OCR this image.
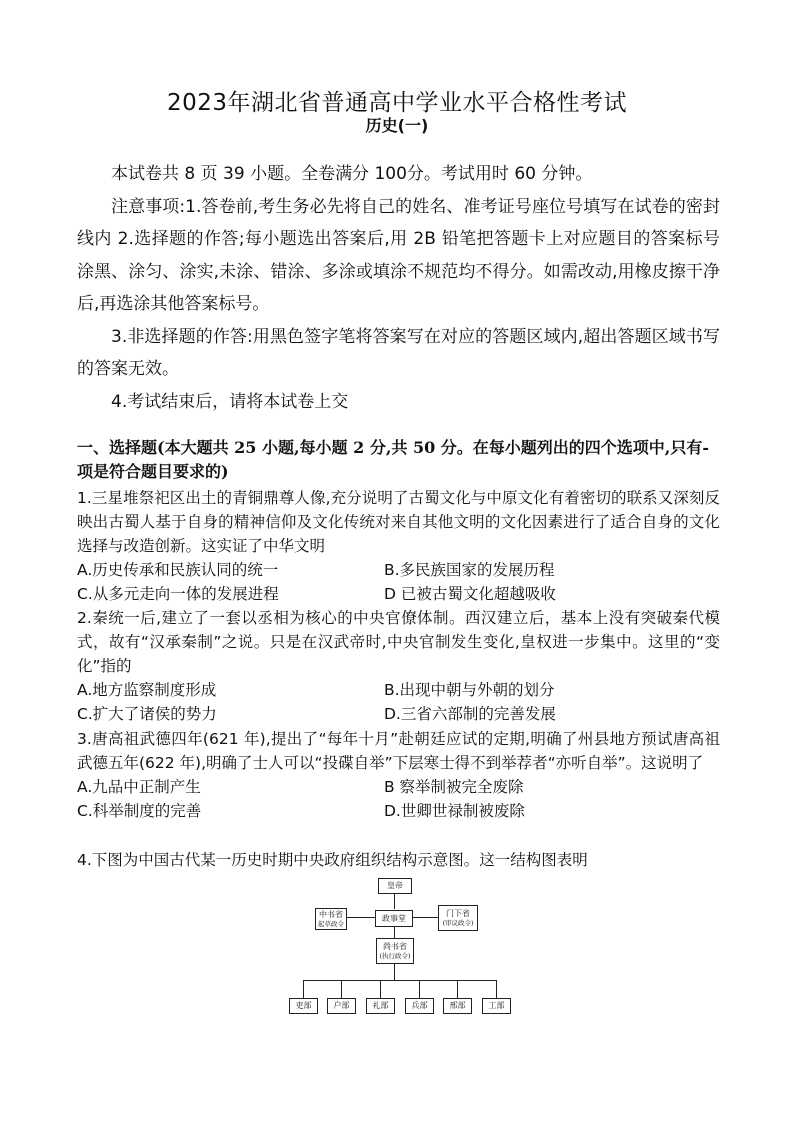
2023年湖北省普通高中学业水平合格性考试
历史(一)

本试卷共 8 页 39 小题。全卷满分 100分。考试用时 60 分钟。

注意事项:1.答卷前,考生务必先将自己的姓名、准考证号座位号填写在试卷的密封线内 2.选择题的作答;每小题选出答案后,用 2B 铅笔把答题卡上对应题目的答案标号涂黑、涂匀、涂实,未涂、错涂、多涂或填涂不规范均不得分。如需改动,用橡皮擦干净后,再选涂其他答案标号。

3.非选择题的作答:用黑色签字笔将答案写在对应的答题区域内,超出答题区域书写的答案无效。

4.考试结束后，请将本试卷上交

一、选择题(本大题共 25 小题,每小题 2 分,共 50 分。在每小题列出的四个选项中,只有-项是符合题目要求的)

1.三星堆祭祀区出土的青铜鼎尊人像,充分说明了古蜀文化与中原文化有着密切的联系又深刻反映出古蜀人基于自身的精神信仰及文化传统对来自其他文明的文化因素进行了适合自身的文化选择与改造创新。这实证了中华文明

A.历史传承和民族认同的统一	B.多民族国家的发展历程
C.从多元走向一体的发展进程	D 已被古蜀文化超越吸收

2.秦统一后,建立了一套以丞相为核心的中央官僚体制。西汉建立后，基本上没有突破秦代模式，故有“汉承秦制”之说。只是在汉武帝时,中央官制发生变化,皇权进一步集中。这里的“变化”指的

A.地方监察制度形成	B.出现中朝与外朝的划分
C.扩大了诸侯的势力	D.三省六部制的完善发展

3.唐高祖武德四年(621 年),提出了“每年十月”赴朝廷应试的定期,明确了州县地方预试唐高祖武德五年(622 年),明确了士人可以“投碟自举”下层寒士得不到举荐者“亦听自举”。这说明了

A.九品中正制产生	B 察举制被完全废除
C.科举制度的完善	D.世卿世禄制被废除

4.下图为中国古代某一历史时期中央政府组织结构示意图。这一结构图表明

皇帝
中书省
起草政令
政事堂	门下省
(审议政令)
尚书省
(执行政令)
吏部	户部	礼部	兵部	邢部	工部
